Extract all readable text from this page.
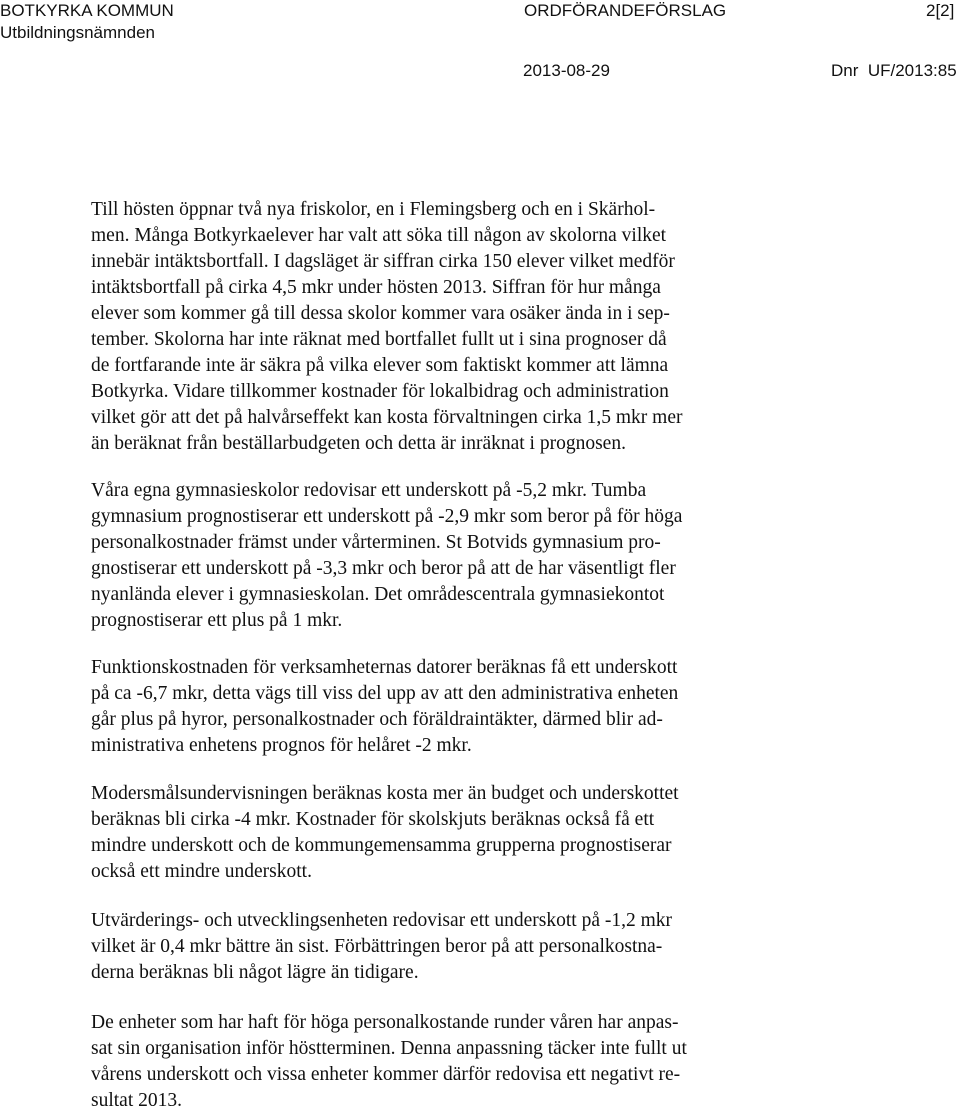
BOTKYRKA KOMMUN
Utbildningsnämnden
ORDFÖRANDEFÖRSLAG	2[2]
2013-08-29	Dnr  UF/2013:85
Till hösten öppnar två nya friskolor, en i Flemingsberg och en i Skärhol-
men. Många Botkyrkaelever har valt att söka till någon av skolorna vilket
innebär intäktsbortfall. I dagsläget är siffran cirka 150 elever vilket medför
intäktsbortfall på cirka 4,5 mkr under hösten 2013. Siffran för hur många
elever som kommer gå till dessa skolor kommer vara osäker ända in i sep-
tember. Skolorna har inte räknat med bortfallet fullt ut i sina prognoser då
de fortfarande inte är säkra på vilka elever som faktiskt kommer att lämna
Botkyrka. Vidare tillkommer kostnader för lokalbidrag och administration
vilket gör att det på halvårseffekt kan kosta förvaltningen cirka 1,5 mkr mer
än beräknat från beställarbudgeten och detta är inräknat i prognosen.
Våra egna gymnasieskolor redovisar ett underskott på -5,2 mkr. Tumba
gymnasium prognostiserar ett underskott på -2,9 mkr som beror på för höga
personalkostnader främst under vårterminen. St Botvids gymnasium pro-
gnostiserar ett underskott på -3,3 mkr och beror på att de har väsentligt fler
nyanlända elever i gymnasieskolan. Det områdescentrala gymnasiekontot
prognostiserar ett plus på 1 mkr.
Funktionskostnaden för verksamheternas datorer beräknas få ett underskott
på ca -6,7 mkr, detta vägs till viss del upp av att den administrativa enheten
går plus på hyror, personalkostnader och föräldraintäkter, därmed blir ad-
ministrativa enhetens prognos för helåret -2 mkr.
Modersmålsundervisningen beräknas kosta mer än budget och underskottet
beräknas bli cirka -4 mkr. Kostnader för skolskjuts beräknas också få ett
mindre underskott och de kommungemensamma grupperna prognostiserar
också ett mindre underskott.
Utvärderings- och utvecklingsenheten redovisar ett underskott på -1,2 mkr
vilket är 0,4 mkr bättre än sist. Förbättringen beror på att personalkostna-
derna beräknas bli något lägre än tidigare.
De enheter som har haft för höga personalkostande runder våren har anpas-
sat sin organisation inför höstterminen. Denna anpassning täcker inte fullt ut
vårens underskott och vissa enheter kommer därför redovisa ett negativt re-
sultat 2013.
